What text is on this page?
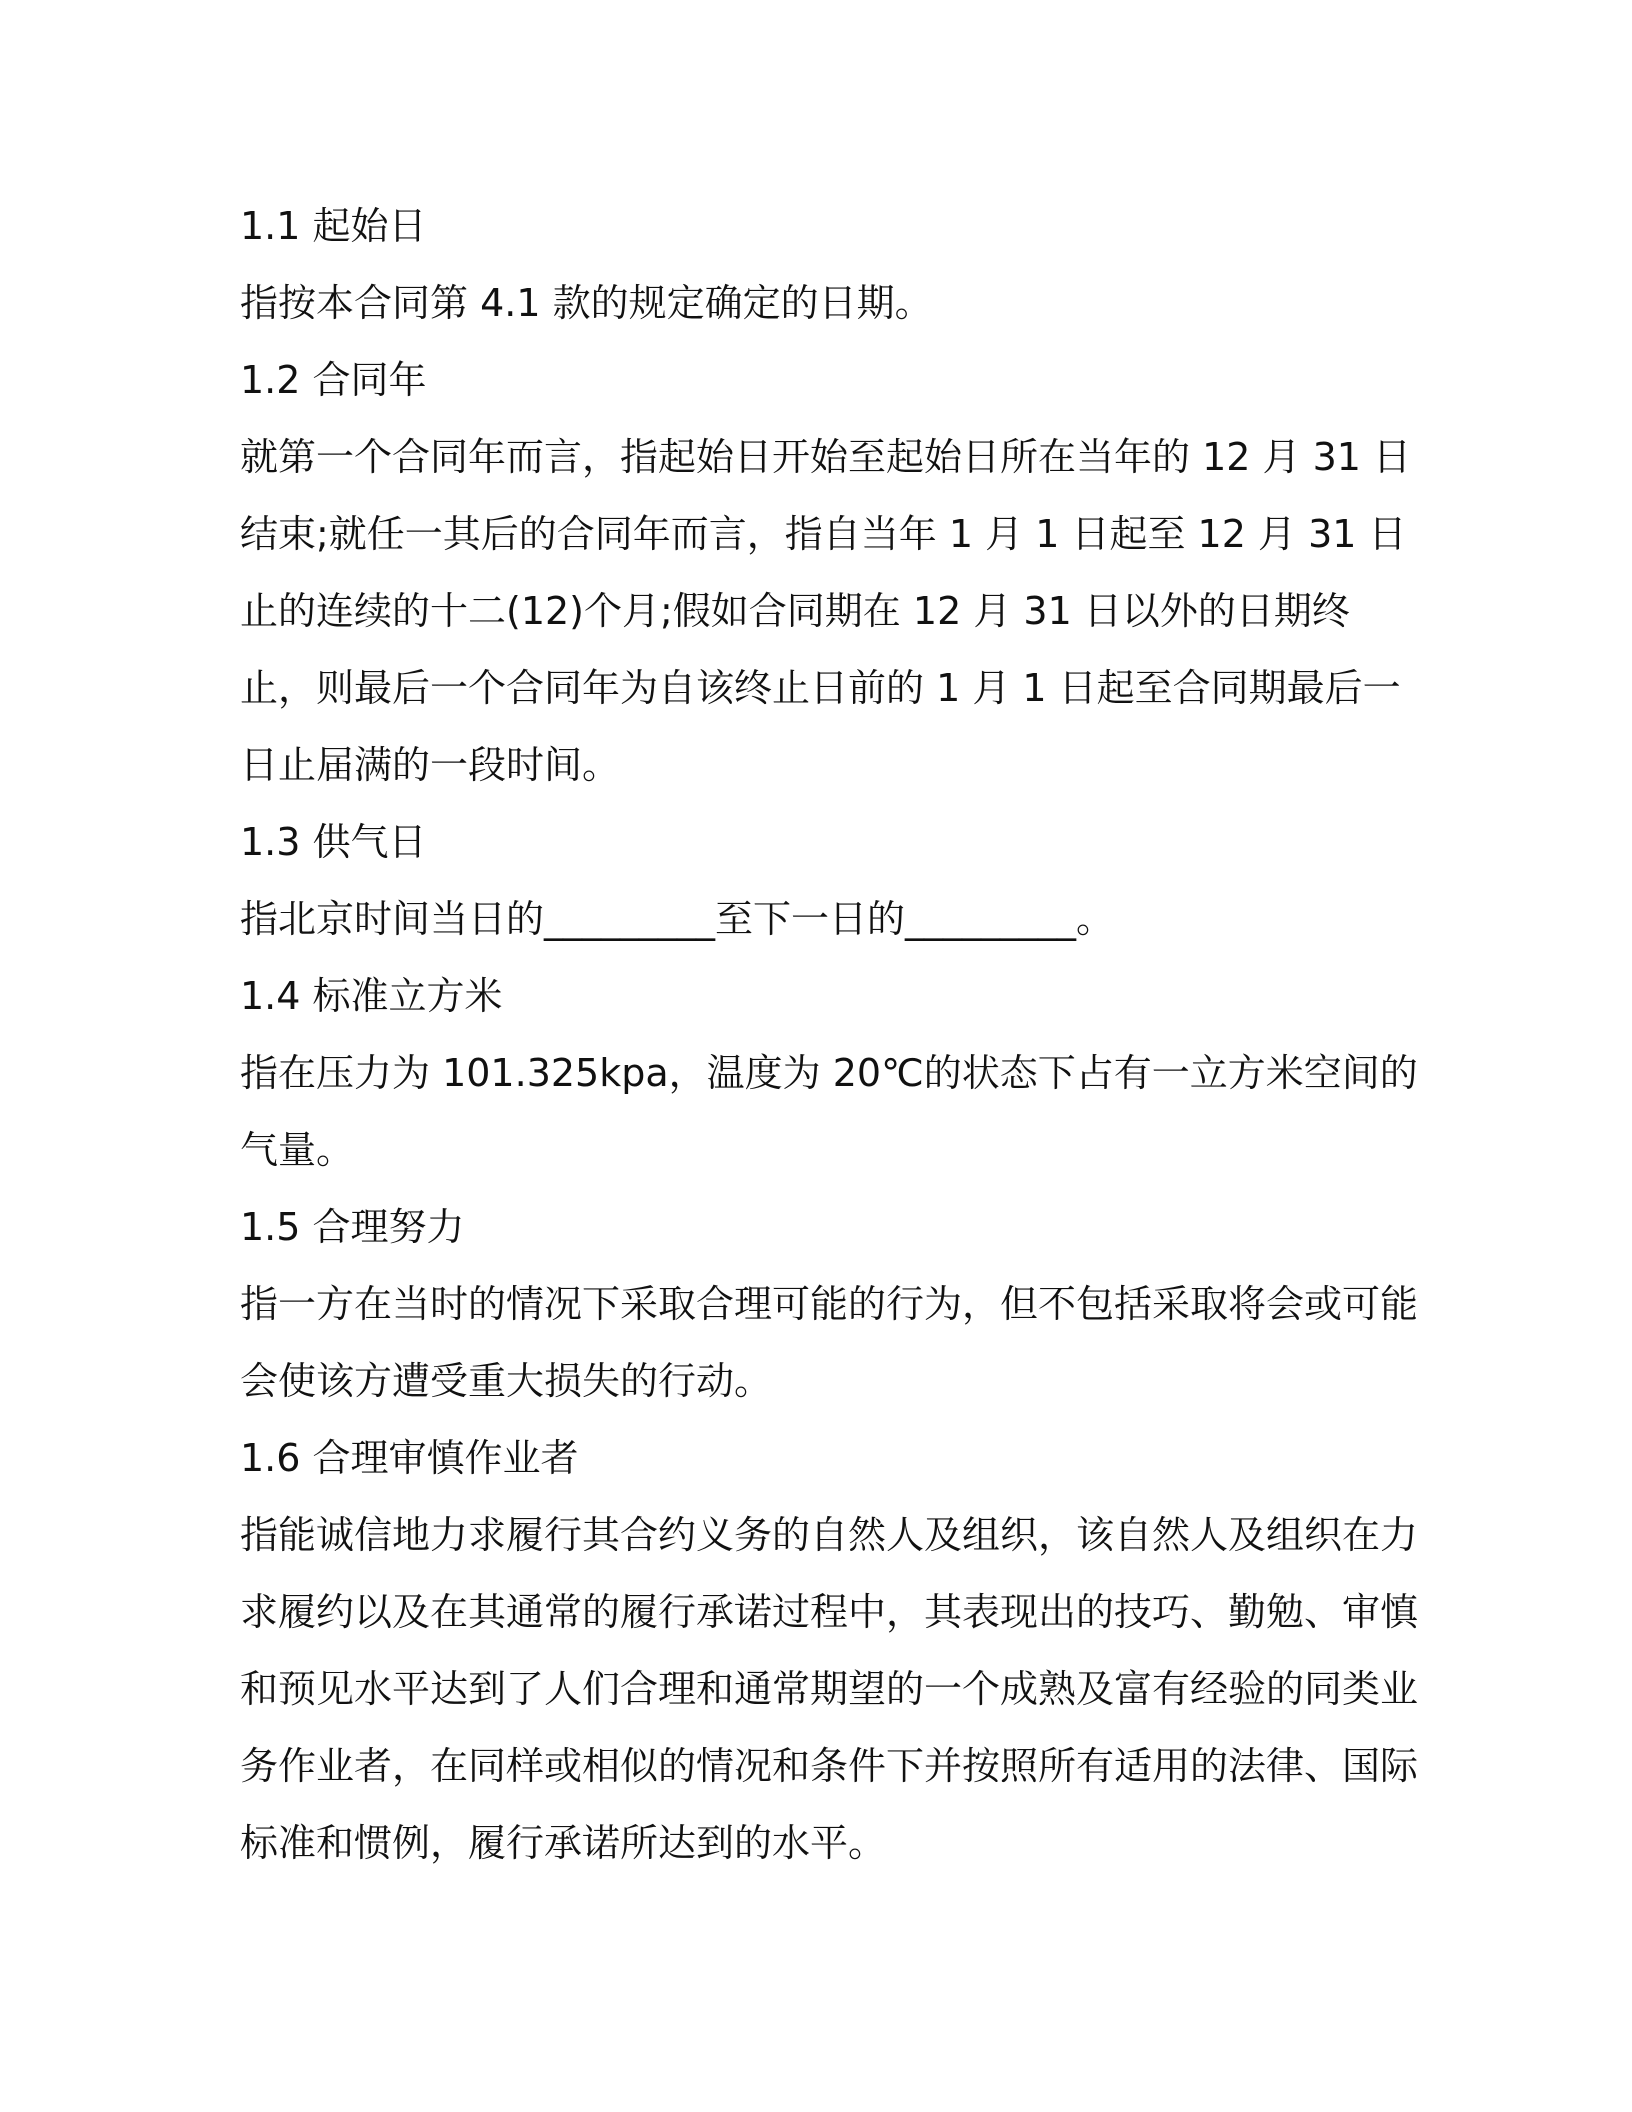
1.1 起始日

指按本合同第 4.1 款的规定确定的日期。

1.2 合同年

就第一个合同年而言，指起始日开始至起始日所在当年的 12 月 31 日结束;就任一其后的合同年而言，指自当年 1 月 1 日起至 12 月 31 日止的连续的十二(12)个月;假如合同期在 12 月 31 日以外的日期终止，则最后一个合同年为自该终止日前的 1 月 1 日起至合同期最后一日止届满的一段时间。

1.3 供气日

指北京时间当日的_________至下一日的_________。

1.4 标准立方米

指在压力为 101.325kpa，温度为 20℃的状态下占有一立方米空间的气量。

1.5 合理努力

指一方在当时的情况下采取合理可能的行为，但不包括采取将会或可能会使该方遭受重大损失的行动。

1.6 合理审慎作业者

指能诚信地力求履行其合约义务的自然人及组织，该自然人及组织在力求履约以及在其通常的履行承诺过程中，其表现出的技巧、勤勉、审慎和预见水平达到了人们合理和通常期望的一个成熟及富有经验的同类业务作业者，在同样或相似的情况和条件下并按照所有适用的法律、国际标准和惯例，履行承诺所达到的水平。
